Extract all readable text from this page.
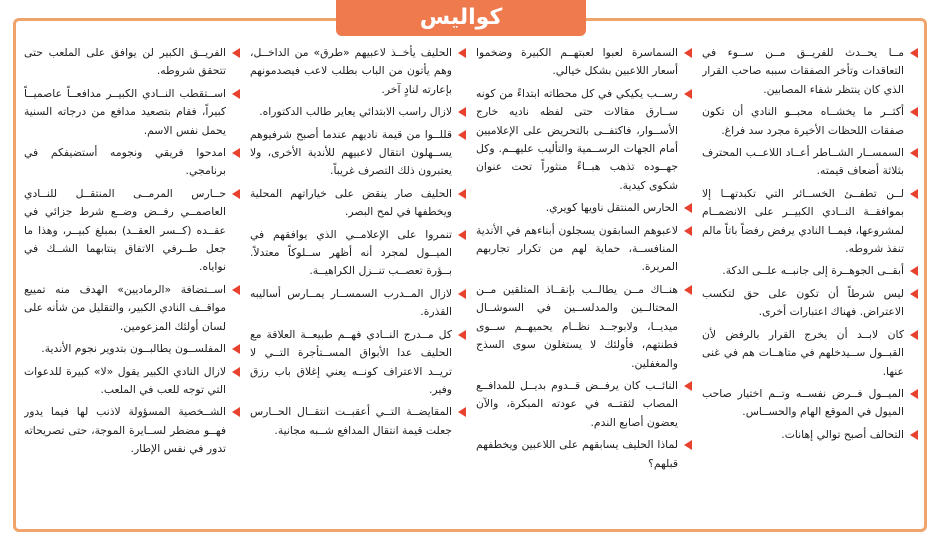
كواليس
الفريــق الكبير لن يوافق على الملعب حتى تتحقق شروطه.
اســتقطب النــادي الكبيــر مدافعــاً عاصميــاً كبيراً، فقام بتصعيد مدافع من درجاته السنية يحمل نفس الاسم.
امدحوا فريقي ونجومه أستضيفكم في برنامجي.
حــارس المرمــى المنتقــل للنــادي العاصمــي رفــض وضــع شرط جزائي في عقــده (كــسر العقــد) بمبلغ كبيــر، وهذا ما جعل طــرفي الاتفاق ينتابهما الشــك في نواياه.
اســتضافة «الرماديين» الهدف منه تمييع مواقــف النادي الكبير، والتقليل من شأنه على لسان أولئك المزعومين.
المفلســون يطالبــون بتدوير نجوم الأندية.
لازال النادي الكبير يقول «لا» كبيرة للدعوات التي توجه للعب في الملعب.
الشــخصية المسؤولة لاذنب لها فيما يدور فهــو مضطر لســايرة الموجة، حتى تصريحاته تدور في نفس الإطار.
الحليف يأخــذ لاعبيهم «طرق» من الداخــل، وهم يأتون من الباب بطلب لاعب فيصدمونهم بإعارته لنادٍ آخر.
لازال راسب الابتدائي يعاير طالب الدكتوراه.
قللــوا من قيمة ناديهم عندما أصبح شرفيوهم يســهلون انتقال لاعبيهم للأندية الأخرى، ولا يعتبرون ذلك التصرف غريباً.
الحليف صار ينقض على خياراتهم المحلية ويخطفها في لمح البصر.
تنمروا على الإعلامــي الذي يوافقهم في الميــول لمجرد أنه أظهر ســلوكاً معتدلاً. بــؤرة تعصــب تنــزل الكراهيــة.
لازال المــدرب السمســار يمــارس أساليبه القذرة.
كل مــدرج النــادي فهــم طبيعــة العلاقة مع الحليف عدا الأبواق المســتأجرة التــي لا تريــد الاعتراف كونــه يعني إغلاق باب رزق وفير.
المقايضــة التــي أعقبــت انتقــال الحــارس جعلت قيمة انتقال المدافع شــبه مجانية.
السماسرة لعبوا لعبتهــم الكبيرة وضخموا أسعار اللاعبين بشكل خيالي.
رســب يكيكي في كل محطاته ابتداءً من كونه ســارق مقالات حتى لفظه ناديه خارج الأســوار، فاكتفــى بالتحريض على الإعلاميين أمام الجهات الرســمية والتأليب عليهــم. وكل جهــوده تذهب هبــاءً منثوراً تحت عنوان شكوى كيدية.
الحارس المنتقل ناويها كويري.
لاعبوهم السابقون يسجلون أبناءهم في الأندية المنافســة، حماية لهم من تكرار تجاربهم المريرة.
هنــاك مــن يطالــب بإنقــاذ المتلقين مــن المحتالــين والمدلســين في السوشــال ميديــا، ولابوجــد نظــام يحميهــم ســوى فطنتهم، فأولئك لا يستغلون سوى السذج والمغفلين.
النائــب كان يرفــض قــدوم بديــل للمدافــع المصاب لثقتــه في عودته المبكرة، والآن يعضون أصابع الندم.
لماذا الحليف يسابقهم على اللاعبين ويخطفهم قبلهم؟
مــا يحــدث للفريــق مــن ســوء في التعاقدات وتأخر الصفقات سببه صاحب القرار الذي كان ينتظر شفاء المصابين.
أكثــر ما يخشــاه محبــو النادي أن تكون صفقات اللحظات الأخيرة مجرد سد فراغ.
السمســار الشــاطر أعــاد اللاعــب المحترف بثلاثة أضعاف قيمته.
لــن تطفــئ الخســائر التي تكبدتهــا إلا بموافقــة النــادي الكبيــر على الانضمــام لمشروعها، فيمــا النادي يرفض رفضاً باتاً مالم تنفذ شروطه.
أبقــى الجوهــرة إلى جانبــه علــى الدكة.
ليس شرطاً أن تكون على حق لتكسب الاعتراض. فهناك اعتبارات أخرى.
كان لابــد أن يخرج القرار بالرفض لأن القبــول ســيدخلهم في متاهــات هم في غنى عنها.
الميــول فــرض نفســه وتــم اختيار صاحب الميول في الموقع الهام والحســاس.
التحالف أصبح توالي إهانات.
